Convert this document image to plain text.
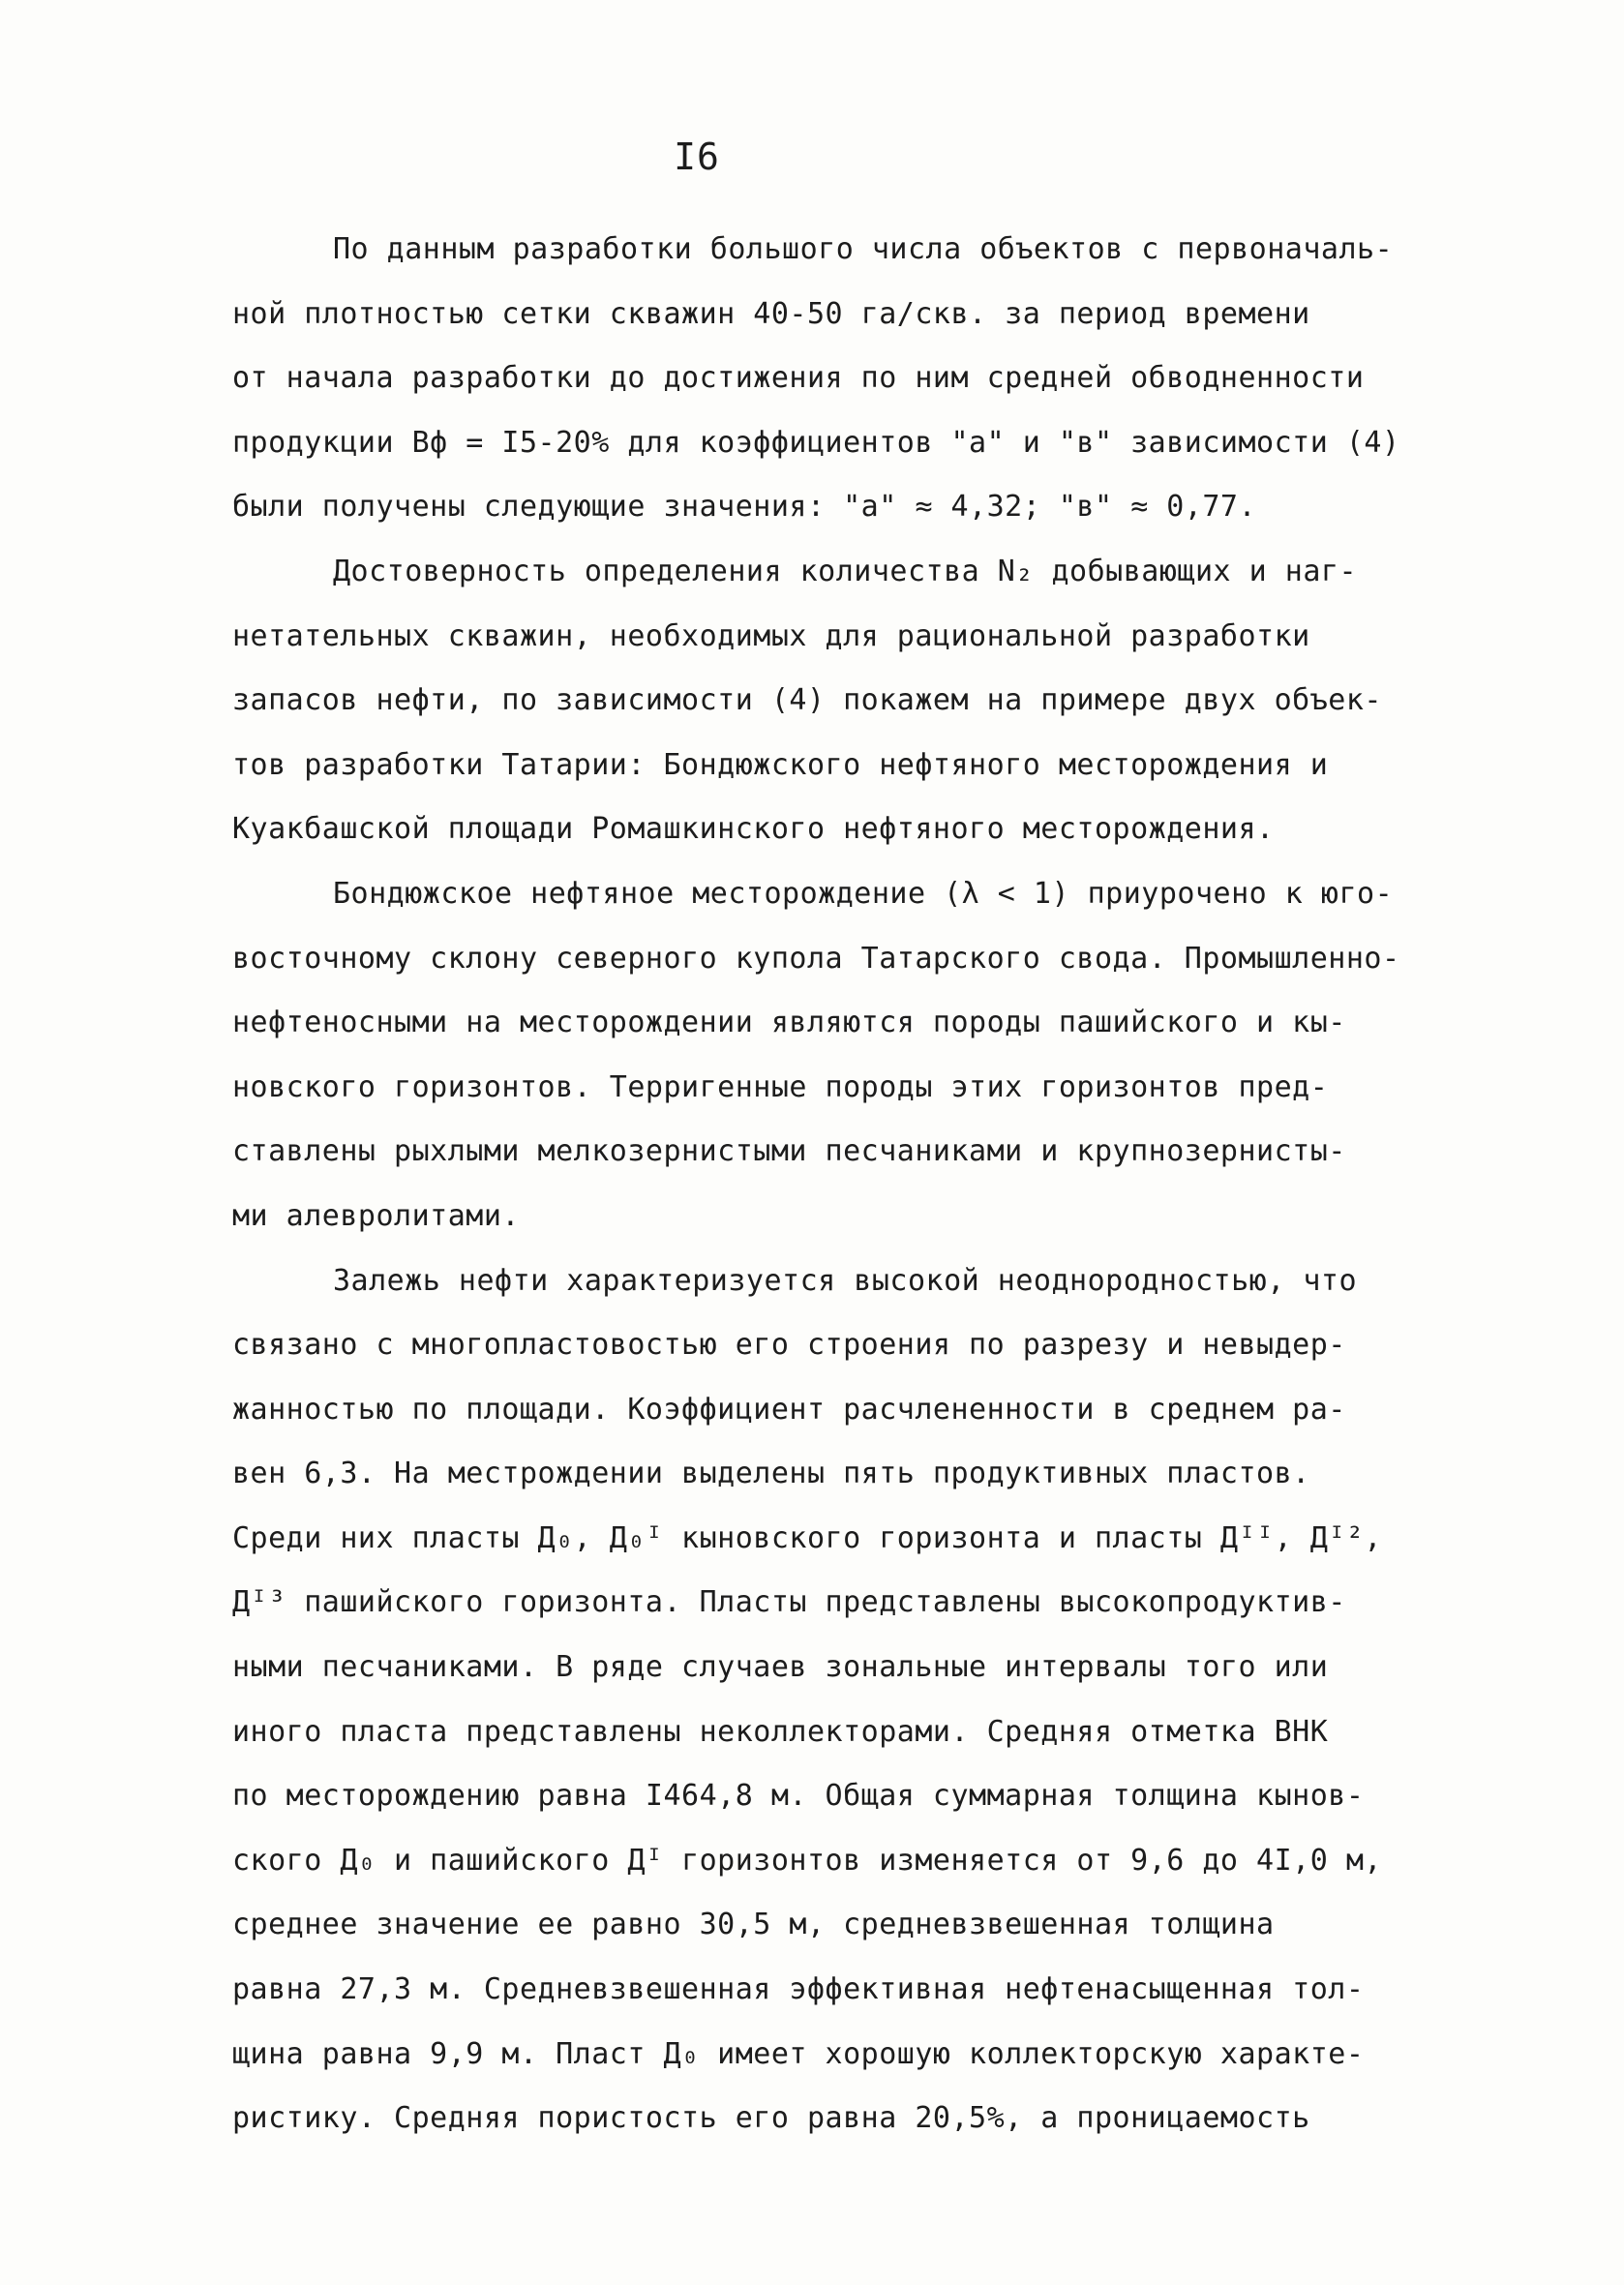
I6
По данным разработки большого числа объектов с первоначаль-
ной плотностью сетки скважин 40-50 га/скв. за период времени
от начала разработки до достижения по ним средней обводненности
продукции Вф = I5-20% для коэффициентов "a" и "в" зависимости (4)
были получены следующие значения: "a" ≈ 4,32; "в" ≈ 0,77.
Достоверность определения количества N₂ добывающих и наг-
нетательных скважин, необходимых для рациональной разработки
запасов нефти, по зависимости (4) покажем на примере двух объек-
тов разработки Татарии: Бондюжского нефтяного месторождения и
Куакбашской площади Ромашкинского нефтяного месторождения.
Бондюжское нефтяное месторождение (λ < 1) приурочено к юго-
восточному склону северного купола Татарского свода. Промышленно-
нефтеносными на месторождении являются породы пашийского и кы-
новского горизонтов. Терригенные породы этих горизонтов пред-
ставлены рыхлыми мелкозернистыми песчаниками и крупнозернисты-
ми алевролитами.
Залежь нефти характеризуется высокой неоднородностью, что
связано с многопластовостью его строения по разрезу и невыдер-
жанностью по площади. Коэффициент расчлененности в среднем ра-
вен 6,3. На местрождении выделены пять продуктивных пластов.
Среди них пласты Д₀, Д₀ᴵ кыновского горизонта и пласты Дᴵᴵ, Дᴵ²,
Дᴵ³ пашийского горизонта. Пласты представлены высокопродуктив-
ными песчаниками. В ряде случаев зональные интервалы того или
иного пласта представлены неколлекторами. Средняя отметка ВНК
по месторождению равна I464,8 м. Общая суммарная толщина кынов-
ского Д₀ и пашийского Дᴵ горизонтов изменяется от 9,6 до 4I,0 м,
среднее значение ее равно 30,5 м, средневзвешенная толщина
равна 27,3 м. Средневзвешенная эффективная нефтенасыщенная тол-
щина равна 9,9 м. Пласт Д₀ имеет хорошую коллекторскую характе-
ристику. Средняя пористость его равна 20,5%, а проницаемость
